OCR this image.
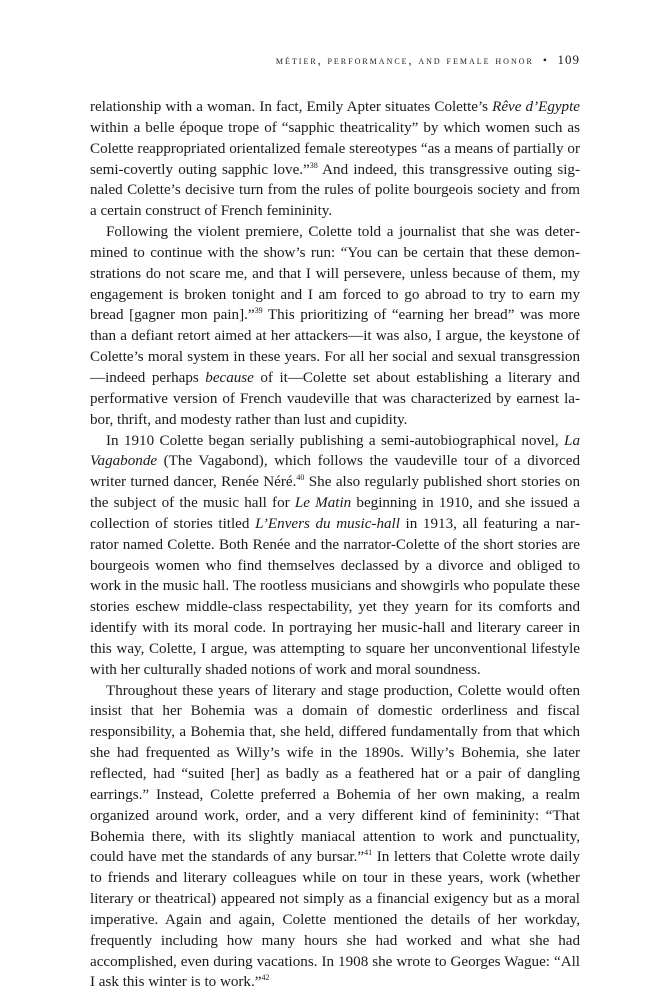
métier, performance, and female honor • 109

relationship with a woman. In fact, Emily Apter situates Colette’s Rêve d’Egypte within a belle époque trope of “sapphic theatricality” by which women such as Colette reappropriated orientalized female stereotypes “as a means of partially or semi-covertly outing sapphic love.”$^{38}$ And indeed, this transgressive outing signaled Colette’s decisive turn from the rules of polite bourgeois society and from a certain construct of French femininity.

Following the violent premiere, Colette told a journalist that she was determined to continue with the show’s run: “You can be certain that these demonstrations do not scare me, and that I will persevere, unless because of them, my engagement is broken tonight and I am forced to go abroad to try to earn my bread [gagner mon pain].”$^{39}$ This prioritizing of “earning her bread” was more than a defiant retort aimed at her attackers—it was also, I argue, the keystone of Colette’s moral system in these years. For all her social and sexual transgression—indeed perhaps because of it—Colette set about establishing a literary and performative version of French vaudeville that was characterized by earnest labor, thrift, and modesty rather than lust and cupidity.

In 1910 Colette began serially publishing a semi-autobiographical novel, La Vagabonde (The Vagabond), which follows the vaudeville tour of a divorced writer turned dancer, Renée Néré.$^{40}$ She also regularly published short stories on the subject of the music hall for Le Matin beginning in 1910, and she issued a collection of stories titled L’Envers du music-hall in 1913, all featuring a narrator named Colette. Both Renée and the narrator-Colette of the short stories are bourgeois women who find themselves declassed by a divorce and obliged to work in the music hall. The rootless musicians and showgirls who populate these stories eschew middle-class respectability, yet they yearn for its comforts and identify with its moral code. In portraying her music-hall and literary career in this way, Colette, I argue, was attempting to square her unconventional lifestyle with her culturally shaded notions of work and moral soundness.

Throughout these years of literary and stage production, Colette would often insist that her Bohemia was a domain of domestic orderliness and fiscal responsibility, a Bohemia that, she held, differed fundamentally from that which she had frequented as Willy’s wife in the 1890s. Willy’s Bohemia, she later reflected, had “suited [her] as badly as a feathered hat or a pair of dangling earrings.” Instead, Colette preferred a Bohemia of her own making, a realm organized around work, order, and a very different kind of femininity: “That Bohemia there, with its slightly maniacal attention to work and punctuality, could have met the standards of any bursar.”$^{41}$ In letters that Colette wrote daily to friends and literary colleagues while on tour in these years, work (whether literary or theatrical) appeared not simply as a financial exigency but as a moral imperative. Again and again, Colette mentioned the details of her workday, frequently including how many hours she had worked and what she had accomplished, even during vacations. In 1908 she wrote to Georges Wague: “All I ask this winter is to work.”$^{42}$
